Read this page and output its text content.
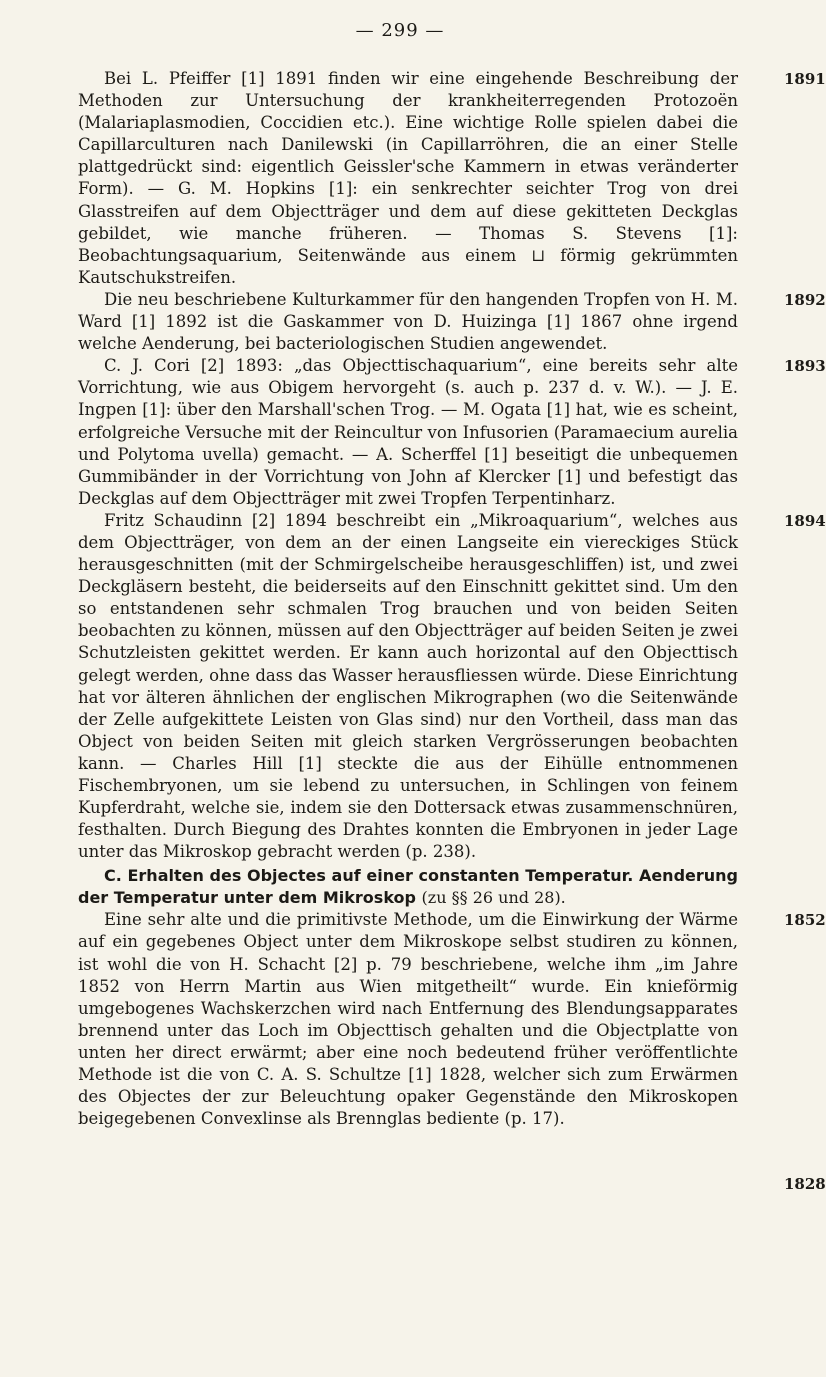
— 299 —

1891
Bei L. Pfeiffer [1] 1891 finden wir eine eingehende Beschreibung der Methoden zur Untersuchung der krankheiterregenden Protozoën (Malariaplasmodien, Coccidien etc.). Eine wichtige Rolle spielen dabei die Capillarculturen nach Danilewski (in Capillarröhren, die an einer Stelle plattgedrückt sind: eigentlich Geissler'sche Kammern in etwas veränderter Form). — G. M. Hopkins [1]: ein senkrechter seichter Trog von drei Glasstreifen auf dem Objectträger und dem auf diese gekitteten Deckglas gebildet, wie manche früheren. — Thomas S. Stevens [1]: Beobachtungsaquarium, Seitenwände aus einem ⊔ förmig gekrümmten Kautschukstreifen.

1892
Die neu beschriebene Kulturkammer für den hangenden Tropfen von H. M. Ward [1] 1892 ist die Gaskammer von D. Huizinga [1] 1867 ohne irgend welche Aenderung, bei bacteriologischen Studien angewendet.

1893
C. J. Cori [2] 1893: „das Objecttischaquarium“, eine bereits sehr alte Vorrichtung, wie aus Obigem hervorgeht (s. auch p. 237 d. v. W.). — J. E. Ingpen [1]: über den Marshall'schen Trog. — M. Ogata [1] hat, wie es scheint, erfolgreiche Versuche mit der Reincultur von Infusorien (Paramaecium aurelia und Polytoma uvella) gemacht. — A. Scherffel [1] beseitigt die unbequemen Gummibänder in der Vorrichtung von John af Klercker [1] und befestigt das Deckglas auf dem Objectträger mit zwei Tropfen Terpentinharz.

1894
Fritz Schaudinn [2] 1894 beschreibt ein „Mikroaquarium“, welches aus dem Objectträger, von dem an der einen Langseite ein viereckiges Stück herausgeschnitten (mit der Schmirgelscheibe herausgeschliffen) ist, und zwei Deckgläsern besteht, die beiderseits auf den Einschnitt gekittet sind. Um den so entstandenen sehr schmalen Trog brauchen und von beiden Seiten beobachten zu können, müssen auf den Objectträger auf beiden Seiten je zwei Schutzleisten gekittet werden. Er kann auch horizontal auf den Objecttisch gelegt werden, ohne dass das Wasser herausfliessen würde. Diese Einrichtung hat vor älteren ähnlichen der englischen Mikrographen (wo die Seitenwände der Zelle aufgekittete Leisten von Glas sind) nur den Vortheil, dass man das Object von beiden Seiten mit gleich starken Vergrösserungen beobachten kann. — Charles Hill [1] steckte die aus der Eihülle entnommenen Fischembryonen, um sie lebend zu untersuchen, in Schlingen von feinem Kupferdraht, welche sie, indem sie den Dottersack etwas zusammenschnüren, festhalten. Durch Biegung des Drahtes konnten die Embryonen in jeder Lage unter das Mikroskop gebracht werden (p. 238).

C. Erhalten des Objectes auf einer constanten Temperatur. Aenderung der Temperatur unter dem Mikroskop (zu §§ 26 und 28).

1852
1828
Eine sehr alte und die primitivste Methode, um die Einwirkung der Wärme auf ein gegebenes Object unter dem Mikroskope selbst studiren zu können, ist wohl die von H. Schacht [2] p. 79 beschriebene, welche ihm „im Jahre 1852 von Herrn Martin aus Wien mitgetheilt“ wurde. Ein knieförmig umgebogenes Wachskerzchen wird nach Entfernung des Blendungsapparates brennend unter das Loch im Objecttisch gehalten und die Objectplatte von unten her direct erwärmt; aber eine noch bedeutend früher veröffentlichte Methode ist die von C. A. S. Schultze [1] 1828, welcher sich zum Erwärmen des Objectes der zur Beleuchtung opaker Gegenstände den Mikroskopen beigegebenen Convexlinse als Brennglas bediente (p. 17).
